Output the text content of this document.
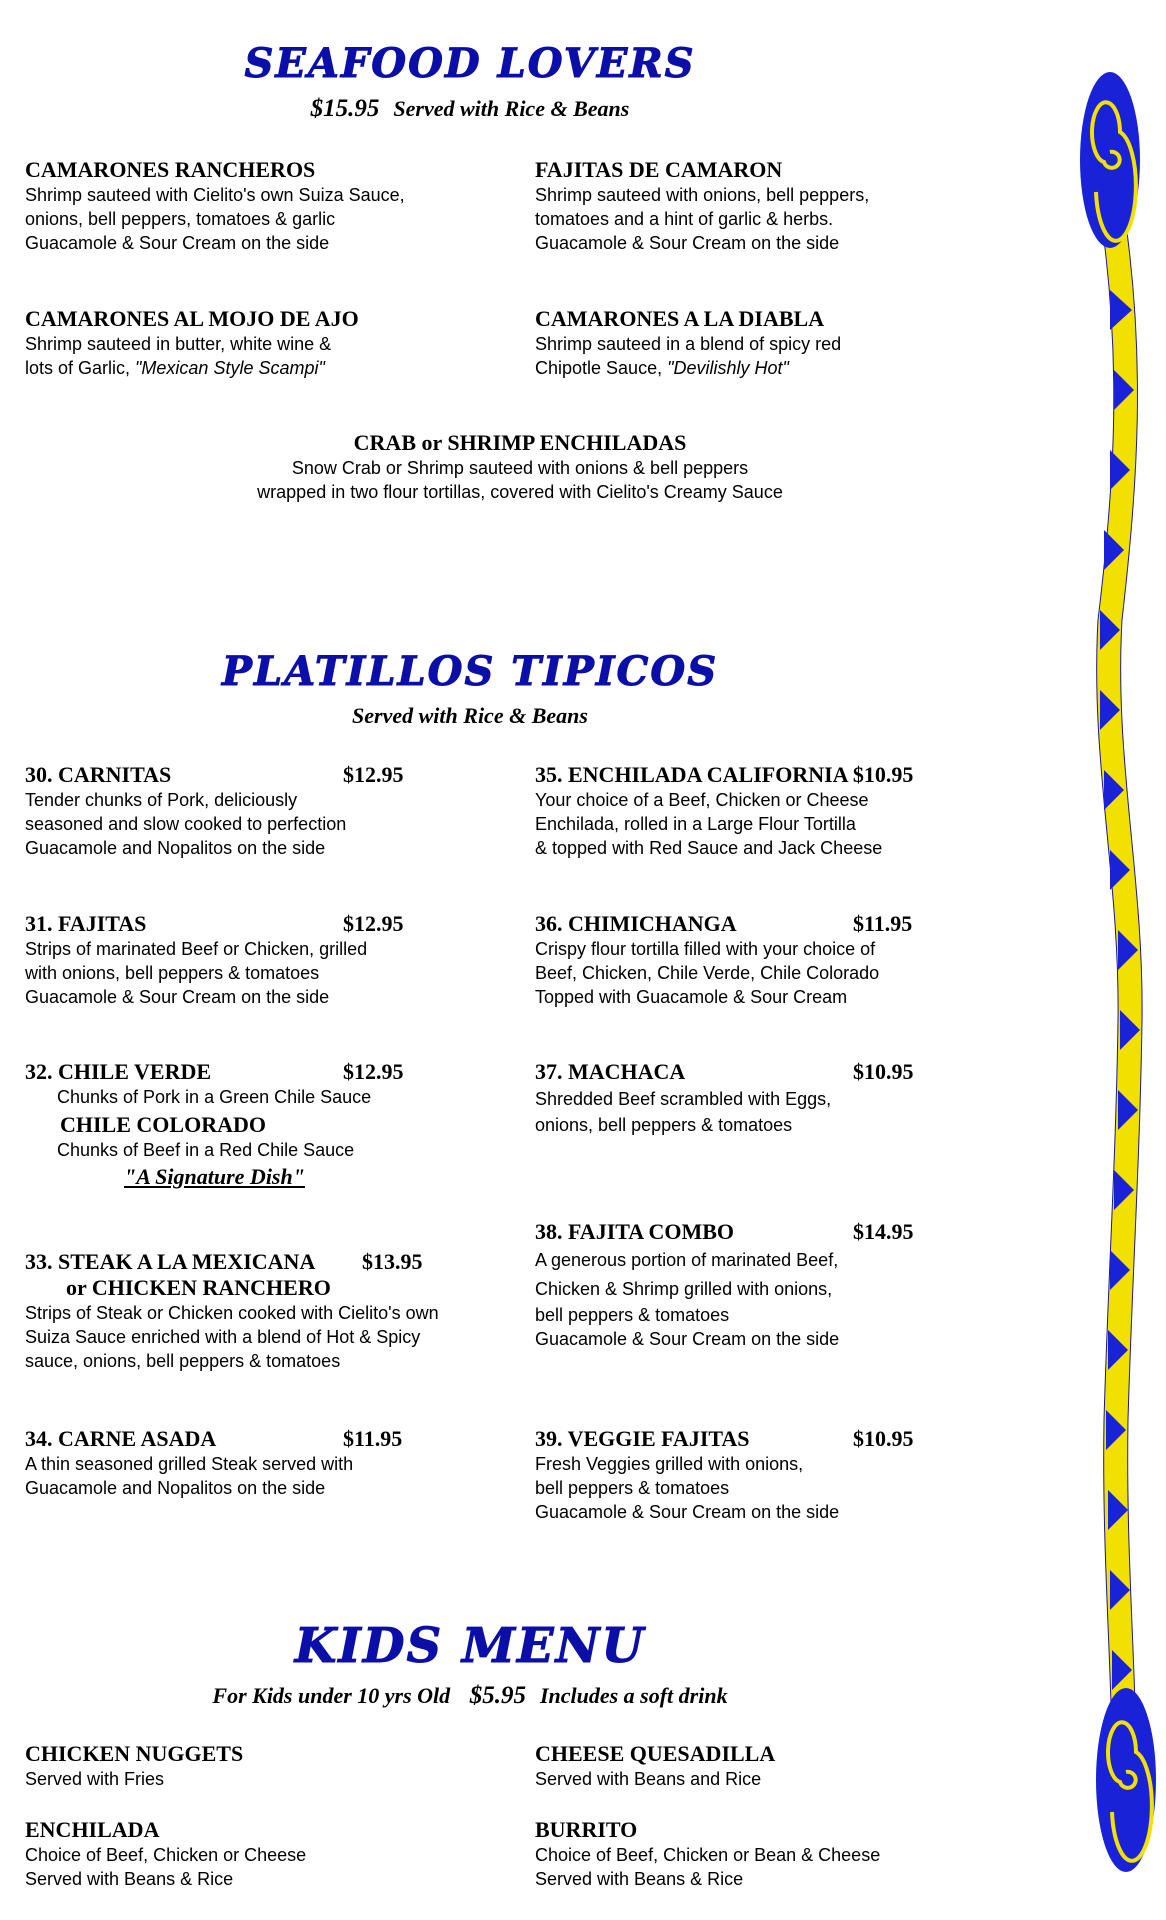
SEAFOOD LOVERS
$15.95 Served with Rice & Beans
CAMARONES RANCHEROS
Shrimp sauteed with Cielito's own Suiza Sauce,
onions, bell peppers, tomatoes & garlic
Guacamole & Sour Cream on the side
FAJITAS DE CAMARON
Shrimp sauteed with onions, bell peppers,
tomatoes and a hint of garlic & herbs.
Guacamole & Sour Cream on the side
CAMARONES AL MOJO DE AJO
Shrimp sauteed in butter, white wine &
lots of Garlic, "Mexican Style Scampi"
CAMARONES A LA DIABLA
Shrimp sauteed in a blend of spicy red
Chipotle Sauce, "Devilishly Hot"
CRAB or SHRIMP ENCHILADAS
Snow Crab or Shrimp sauteed with onions & bell peppers
wrapped in two flour tortillas, covered with Cielito's Creamy Sauce
PLATILLOS TIPICOS
Served with Rice & Beans
30. CARNITAS
Tender chunks of Pork, deliciously
seasoned and slow cooked to perfection
Guacamole and Nopalitos on the side
$12.95
31. FAJITAS
Strips of marinated Beef or Chicken, grilled
with onions, bell peppers & tomatoes
Guacamole & Sour Cream on the side
$12.95
32. CHILE VERDE
Chunks of Pork in a Green Chile Sauce
CHILE COLORADO
Chunks of Beef in a Red Chile Sauce
"A Signature Dish"
$12.95
33. STEAK A LA MEXICANA
or CHICKEN RANCHERO
Strips of Steak or Chicken cooked with Cielito's own
Suiza Sauce enriched with a blend of Hot & Spicy
sauce, onions, bell peppers & tomatoes
$13.95
34. CARNE ASADA
A thin seasoned grilled Steak served with
Guacamole and Nopalitos on the side
$11.95
35. ENCHILADA CALIFORNIA $10.95
Your choice of a Beef, Chicken or Cheese
Enchilada, rolled in a Large Flour Tortilla
& topped with Red Sauce and Jack Cheese
36. CHIMICHANGA
Crispy flour tortilla filled with your choice of
Beef, Chicken, Chile Verde, Chile Colorado
Topped with Guacamole & Sour Cream
$11.95
37. MACHACA
Shredded Beef scrambled with Eggs,
onions, bell peppers & tomatoes
$10.95
38. FAJITA COMBO
A generous portion of marinated Beef,
Chicken & Shrimp grilled with onions,
bell peppers & tomatoes
Guacamole & Sour Cream on the side
$14.95
39. VEGGIE FAJITAS
Fresh Veggies grilled with onions,
bell peppers & tomatoes
Guacamole & Sour Cream on the side
$10.95
KIDS MENU
For Kids under 10 yrs Old $5.95 Includes a soft drink
CHICKEN NUGGETS
Served with Fries
CHEESE QUESADILLA
Served with Beans and Rice
ENCHILADA
Choice of Beef, Chicken or Cheese
Served with Beans & Rice
BURRITO
Choice of Beef, Chicken or Bean & Cheese
Served with Beans & Rice
